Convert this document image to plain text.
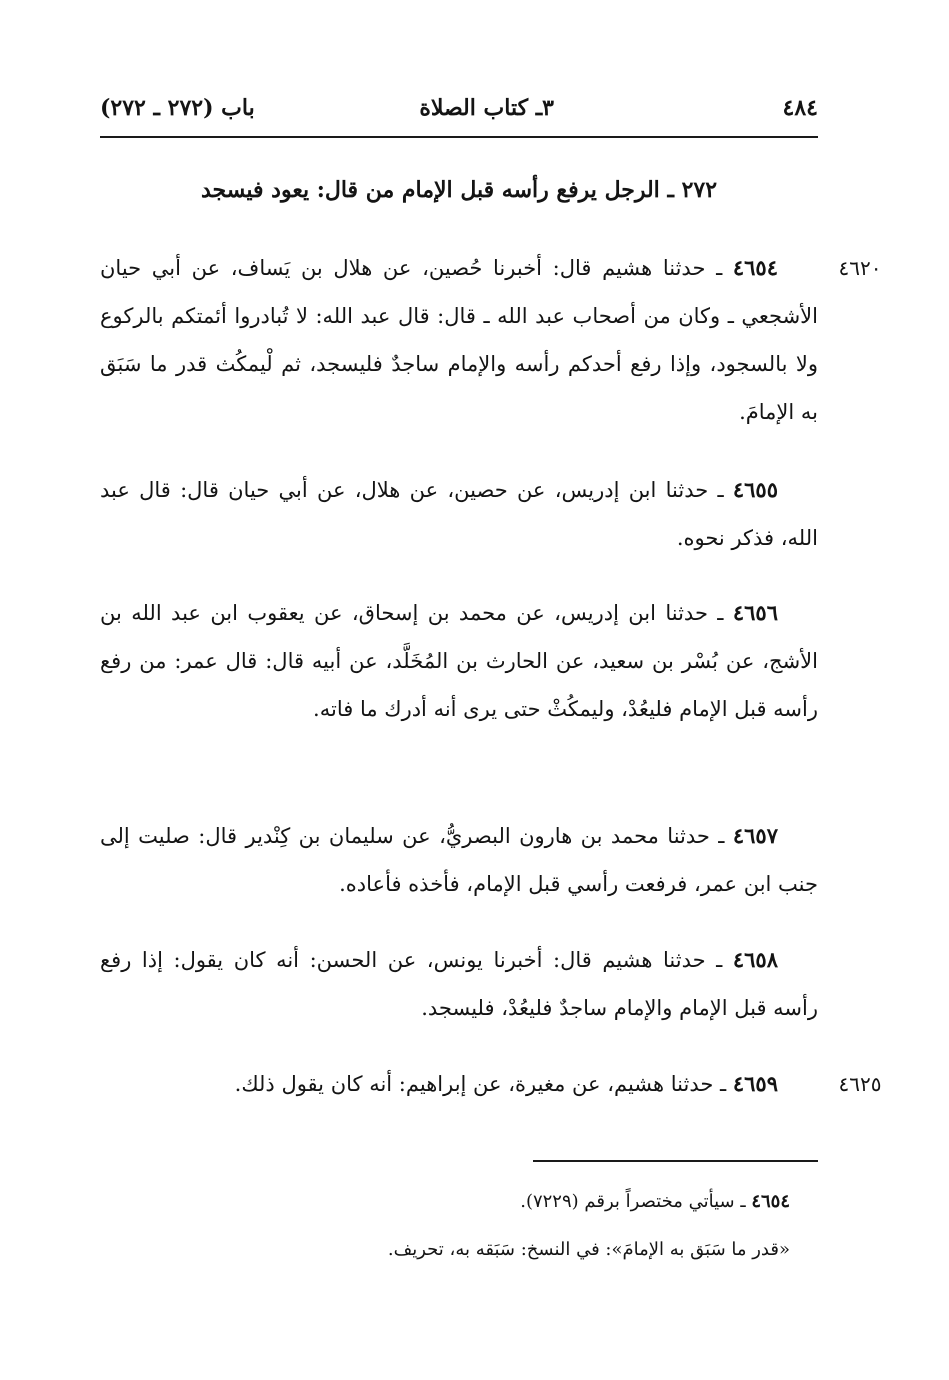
٤٨٤
٣ـ كتاب الصلاة
باب (٢٧٢ ـ ٢٧٢)
٢٧٢ ـ الرجل يرفع رأسه قبل الإمام من قال: يعود فيسجد
٤٦٢٠
٤٦٢٥
٤٦٥٤ ـ حدثنا هشيم قال: أخبرنا حُصين، عن هلال بن يَساف، عن أبي حيان الأشجعي ـ وكان من أصحاب عبد الله ـ قال: قال عبد الله: لا تُبادروا أئمتكم بالركوع ولا بالسجود، وإذا رفع أحدكم رأسه والإمام ساجدٌ فليسجد، ثم لْيمكُث قدر ما سَبَق به الإمامَ.
٤٦٥٥ ـ حدثنا ابن إدريس، عن حصين، عن هلال، عن أبي حيان قال: قال عبد الله، فذكر نحوه.
٤٦٥٦ ـ حدثنا ابن إدريس، عن محمد بن إسحاق، عن يعقوب ابن عبد الله بن الأشج، عن بُسْر بن سعيد، عن الحارث بن المُخَلَّد، عن أبيه قال: قال عمر: من رفع رأسه قبل الإمام فليعُدْ، وليمكُثْ حتى يرى أنه أدرك ما فاته.
٤٦٥٧ ـ حدثنا محمد بن هارون البصريُّ، عن سليمان بن كِنْدير قال: صليت إلى جنب ابن عمر، فرفعت رأسي قبل الإمام، فأخذه فأعاده.
٤٦٥٨ ـ حدثنا هشيم قال: أخبرنا يونس، عن الحسن: أنه كان يقول: إذا رفع رأسه قبل الإمام والإمام ساجدٌ فليعُدْ، فليسجد.
٤٦٥٩ ـ حدثنا هشيم، عن مغيرة، عن إبراهيم: أنه كان يقول ذلك.
٤٦٥٤ ـ سيأتي مختصراً برقم (٧٢٢٩).
«قدر ما سَبَق به الإمامَ»: في النسخ: سَبَقه به، تحريف.
